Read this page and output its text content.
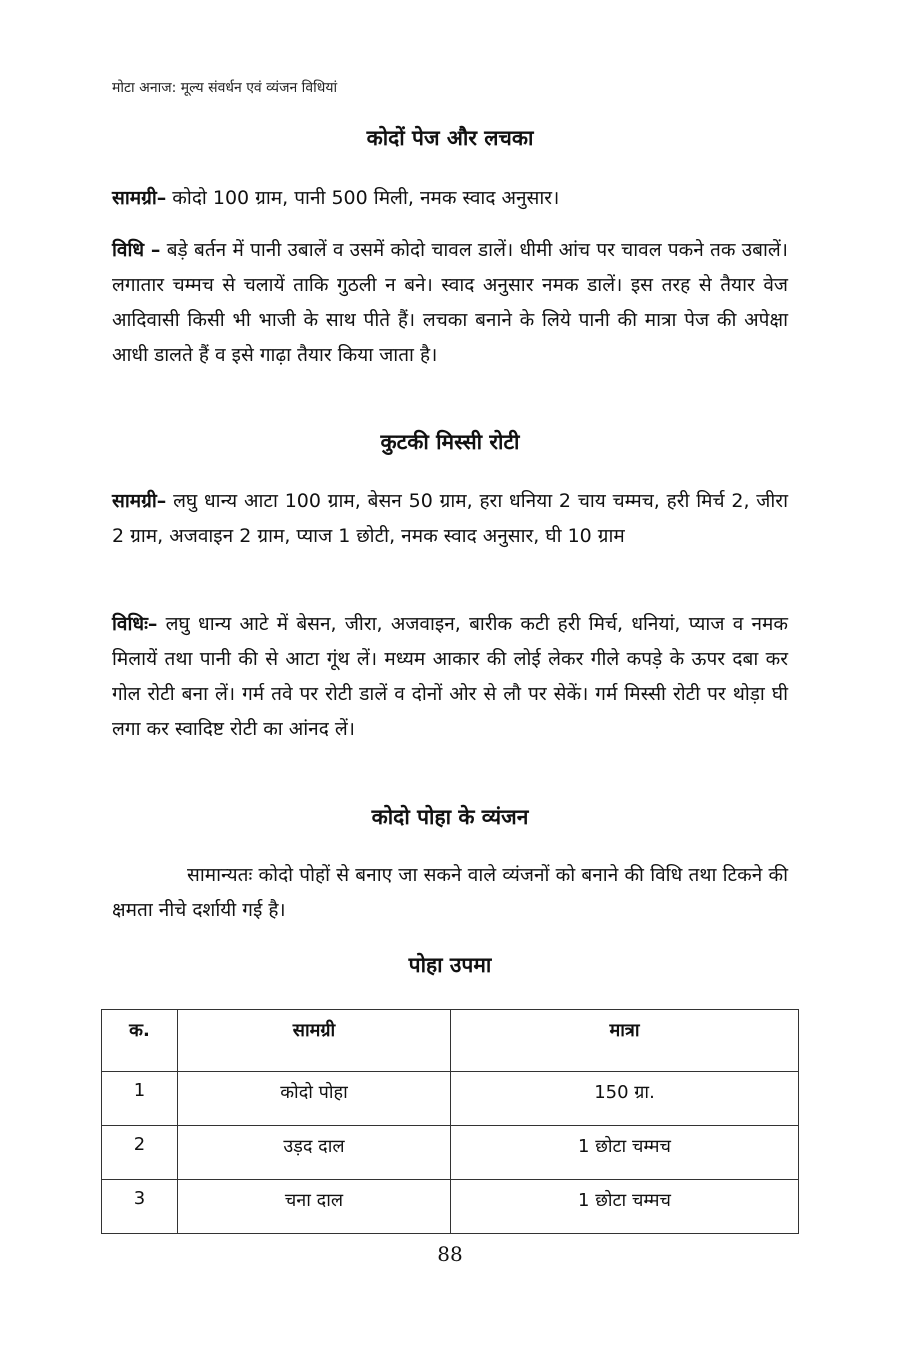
मोटा अनाज: मूल्य संवर्धन एवं व्यंजन विधियां
कोदों पेज और लचका
सामग्री– कोदो 100 ग्राम, पानी 500 मिली, नमक स्वाद अनुसार।
विधि – बड़े बर्तन में पानी उबालें व उसमें कोदो चावल डालें। धीमी आंच पर चावल पकने तक उबालें। लगातार चम्मच से चलायें ताकि गुठली न बने। स्वाद अनुसार नमक डालें। इस तरह से तैयार वेज आदिवासी किसी भी भाजी के साथ पीते हैं। लचका बनाने के लिये पानी की मात्रा पेज की अपेक्षा आधी डालते हैं व इसे गाढ़ा तैयार किया जाता है।
कुटकी मिस्सी रोटी
सामग्री– लघु धान्य आटा 100 ग्राम, बेसन 50 ग्राम, हरा धनिया 2 चाय चम्मच, हरी मिर्च 2, जीरा 2 ग्राम, अजवाइन 2 ग्राम, प्याज 1 छोटी, नमक स्वाद अनुसार, घी 10 ग्राम
विधिः– लघु धान्य आटे में बेसन, जीरा, अजवाइन, बारीक कटी हरी मिर्च, धनियां, प्याज व नमक मिलायें तथा पानी की से आटा गूंथ लें। मध्यम आकार की लोई लेकर गीले कपड़े के ऊपर दबा कर गोल रोटी बना लें। गर्म तवे पर रोटी डालें व दोनों ओर से लौ पर सेकें। गर्म मिस्सी रोटी पर थोड़ा घी लगा कर स्वादिष्ट रोटी का आंनद लें।
कोदो पोहा के व्यंजन
सामान्यतः कोदो पोहों से बनाए जा सकने वाले व्यंजनों को बनाने की विधि तथा टिकने की क्षमता नीचे दर्शायी गई है।
पोहा उपमा
क.	सामग्री	मात्रा
1	कोदो पोहा	150 ग्रा.
2	उड़द दाल	1 छोटा चम्मच
3	चना दाल	1 छोटा चम्मच
88
